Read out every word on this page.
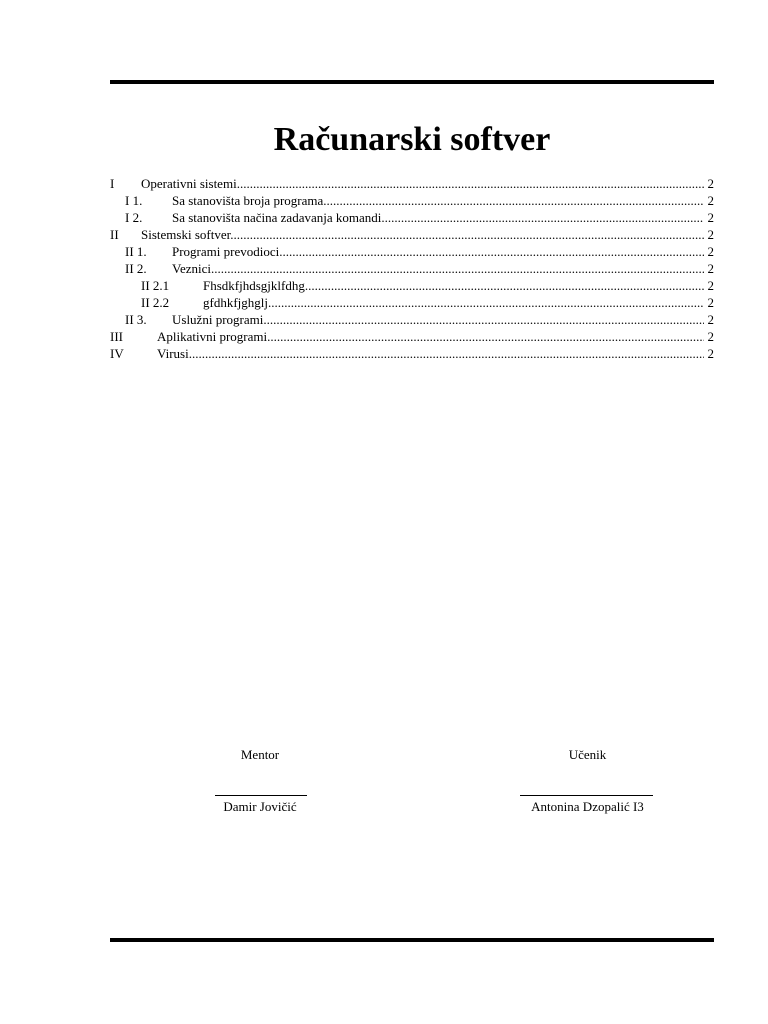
Računarski softver
I Operativni sistemi .....	2
I 1. Sa stanovišta broja programa .....	2
I 2. Sa stanovišta načina zadavanja komandi .....	2
II Sistemski softver .....	2
II 1. Programi prevodioci .....	2
II 2. Veznici .....	2
II 2.1	Fhsdkfjhdsgjklfdhg .....	2
II 2.2	gfdhkfjghglj .....	2
II 3. Uslužni programi .....	2
III	Aplikativni programi .....	2
IV	Virusi .....	2
Mentor
Damir Jovičić
Učenik
Antonina Dzopalić I3
